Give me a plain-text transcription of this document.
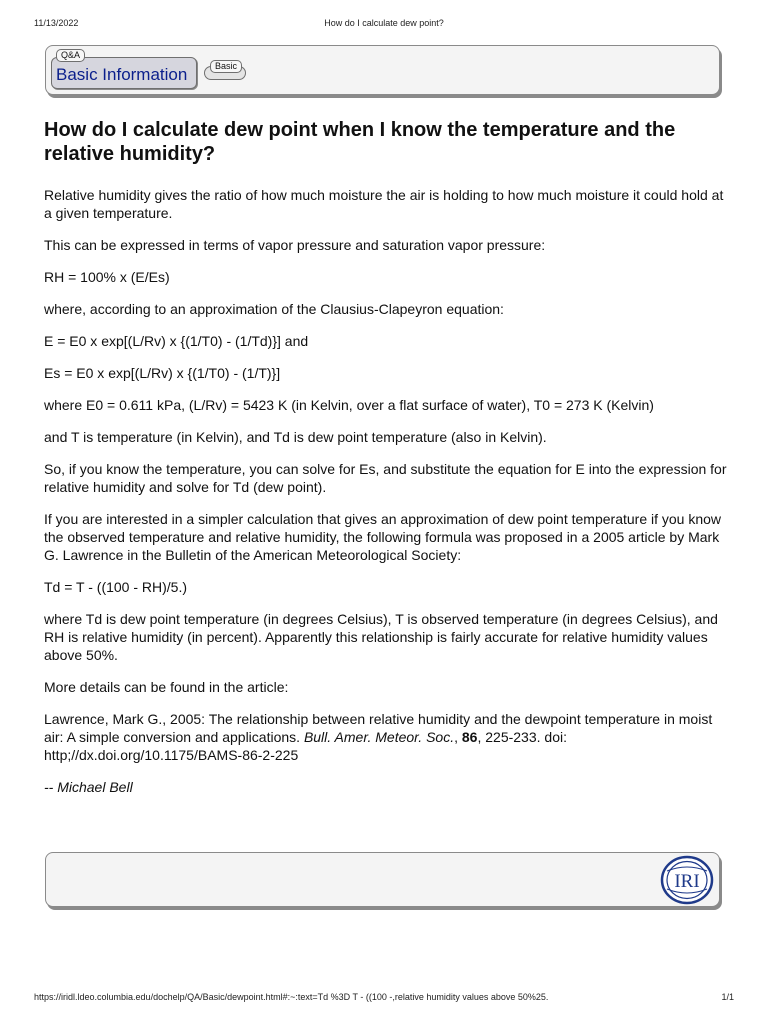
11/13/2022	How do I calculate dew point?
Q&A
Basic Information	Basic
How do I calculate dew point when I know the temperature and the relative humidity?

Relative humidity gives the ratio of how much moisture the air is holding to how much moisture it could hold at a given temperature.

This can be expressed in terms of vapor pressure and saturation vapor pressure:

RH = 100% x (E/Es)

where, according to an approximation of the Clausius-Clapeyron equation:

E = E0 x exp[(L/Rv) x {(1/T0) - (1/Td)}] and

Es = E0 x exp[(L/Rv) x {(1/T0) - (1/T)}]

where E0 = 0.611 kPa, (L/Rv) = 5423 K (in Kelvin, over a flat surface of water), T0 = 273 K (Kelvin)

and T is temperature (in Kelvin), and Td is dew point temperature (also in Kelvin).

So, if you know the temperature, you can solve for Es, and substitute the equation for E into the expression for relative humidity and solve for Td (dew point).

If you are interested in a simpler calculation that gives an approximation of dew point temperature if you know the observed temperature and relative humidity, the following formula was proposed in a 2005 article by Mark G. Lawrence in the Bulletin of the American Meteorological Society:

Td = T - ((100 - RH)/5.)

where Td is dew point temperature (in degrees Celsius), T is observed temperature (in degrees Celsius), and RH is relative humidity (in percent). Apparently this relationship is fairly accurate for relative humidity values above 50%.

More details can be found in the article:

Lawrence, Mark G., 2005: The relationship between relative humidity and the dewpoint temperature in moist air: A simple conversion and applications. Bull. Amer. Meteor. Soc., 86, 225-233. doi: http;//dx.doi.org/10.1175/BAMS-86-2-225

-- Michael Bell

IRI
https://iridl.ldeo.columbia.edu/dochelp/QA/Basic/dewpoint.html#:~:text=Td %3D T - ((100 -,relative humidity values above 50%25.	1/1
